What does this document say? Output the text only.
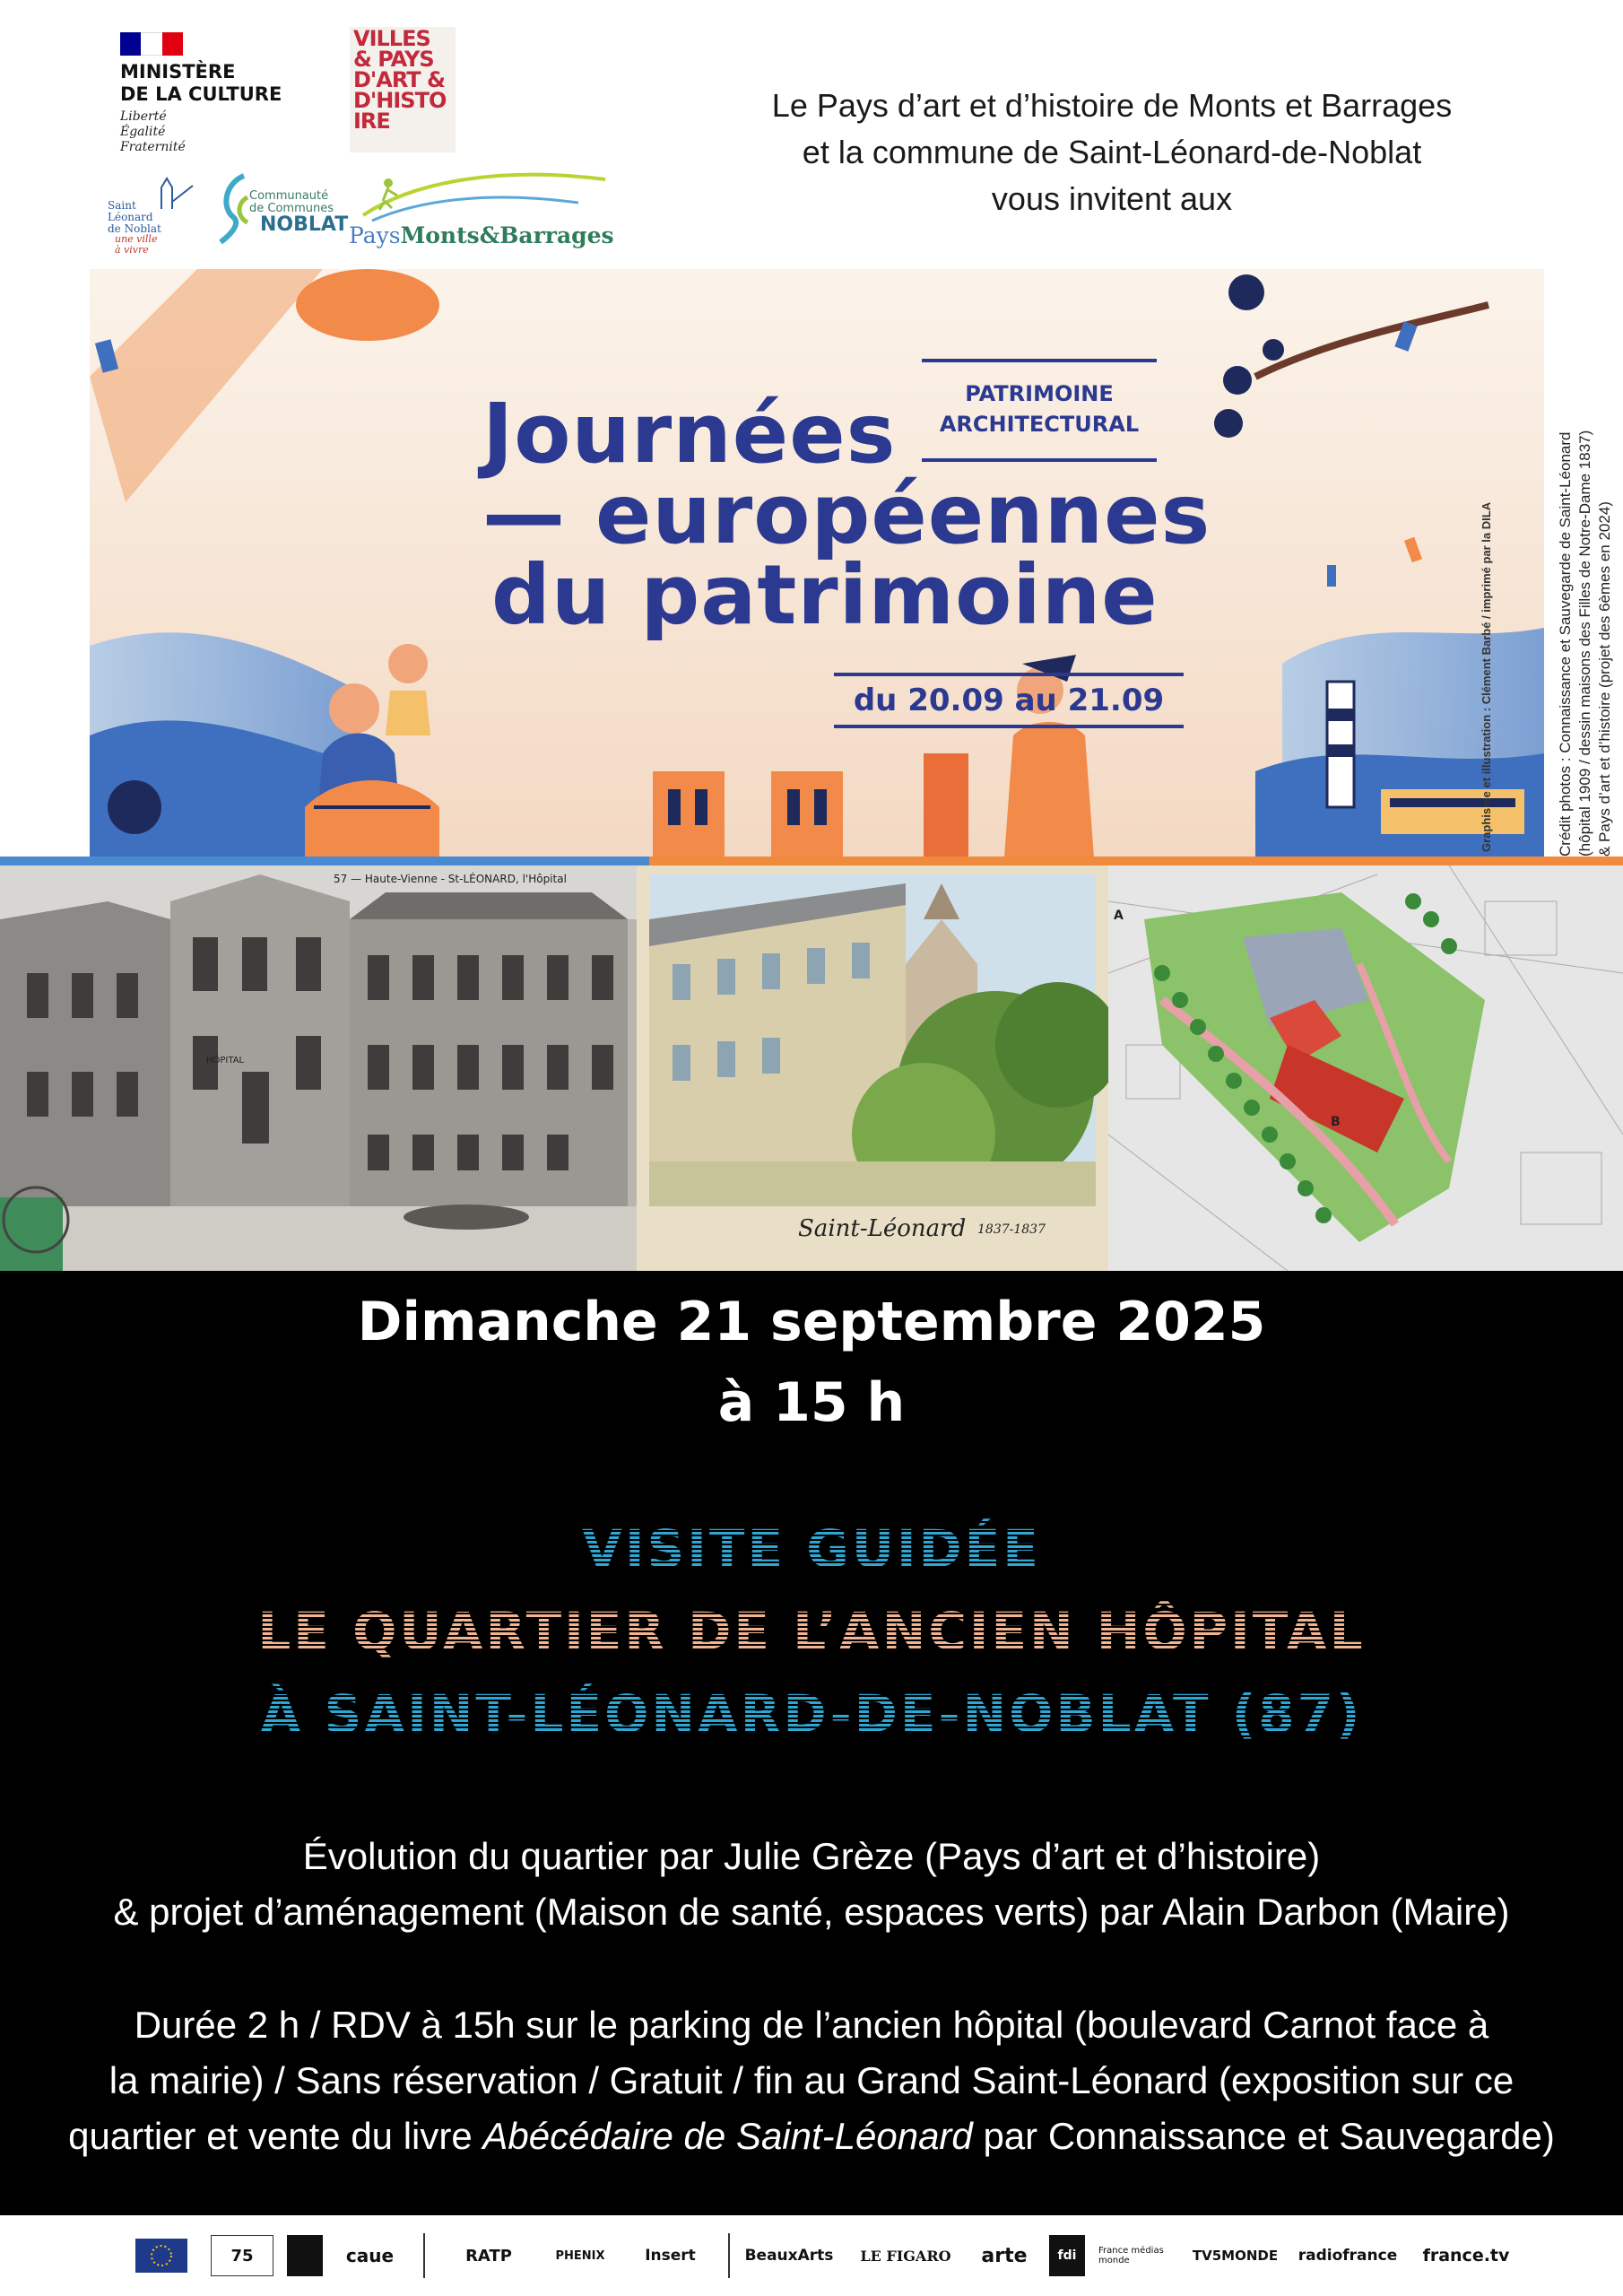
MINISTÈRE
DE LA CULTURE
Liberté
Égalité
Fraternité
VILLES
& PAYS
D'ART &
D'HISTO
IRE
Saint
Léonard
de Noblat
une ville
à vivre
Communauté
de Communes
NOBLAT PaysMonts&Barrages
Le Pays d’art et d’histoire de Monts et Barrages
et la commune de Saint-Léonard-de-Noblat
vous invitent aux
PATRIMOINE
ARCHITECTURAL
Journées
— européennes
du patrimoine
du 20.09 au 21.09	Graphisme et illustration : Clément Barbé / imprimé par la DILA	Crédit photos : Connaissance et Sauvegarde de Saint-Léonard
(hôpital 1909 / dessin maisons des Filles de Notre-Dame 1837)
& Pays d’art et d’histoire (projet des 6èmes en 2024)
57 — Haute-Vienne - St-LÉONARD, l'Hôpital
HÔPITAL
Saint-Léonard 1837-1837
A
B
Dimanche 21 septembre 2025
à 15 h
VISITE GUIDÉE
LE QUARTIER DE L’ANCIEN HÔPITAL
À SAINT-LÉONARD-DE-NOBLAT (87)
Évolution du quartier par Julie Grèze (Pays d’art et d’histoire)
& projet d’aménagement (Maison de santé, espaces verts) par Alain Darbon (Maire)
Durée 2 h / RDV à 15h sur le parking de l’ancien hôpital (boulevard Carnot face à
la mairie) / Sans réservation / Gratuit / fin au Grand Saint-Léonard (exposition sur ce
quartier et vente du livre Abécédaire de Saint-Léonard par Connaissance et Sauvegarde)
75	caue	RATP	PHENIX	Insert	BeauxArts	LE FIGARO	arte	fdi	France médias monde	TV5MONDE	radiofrance	france.tv
